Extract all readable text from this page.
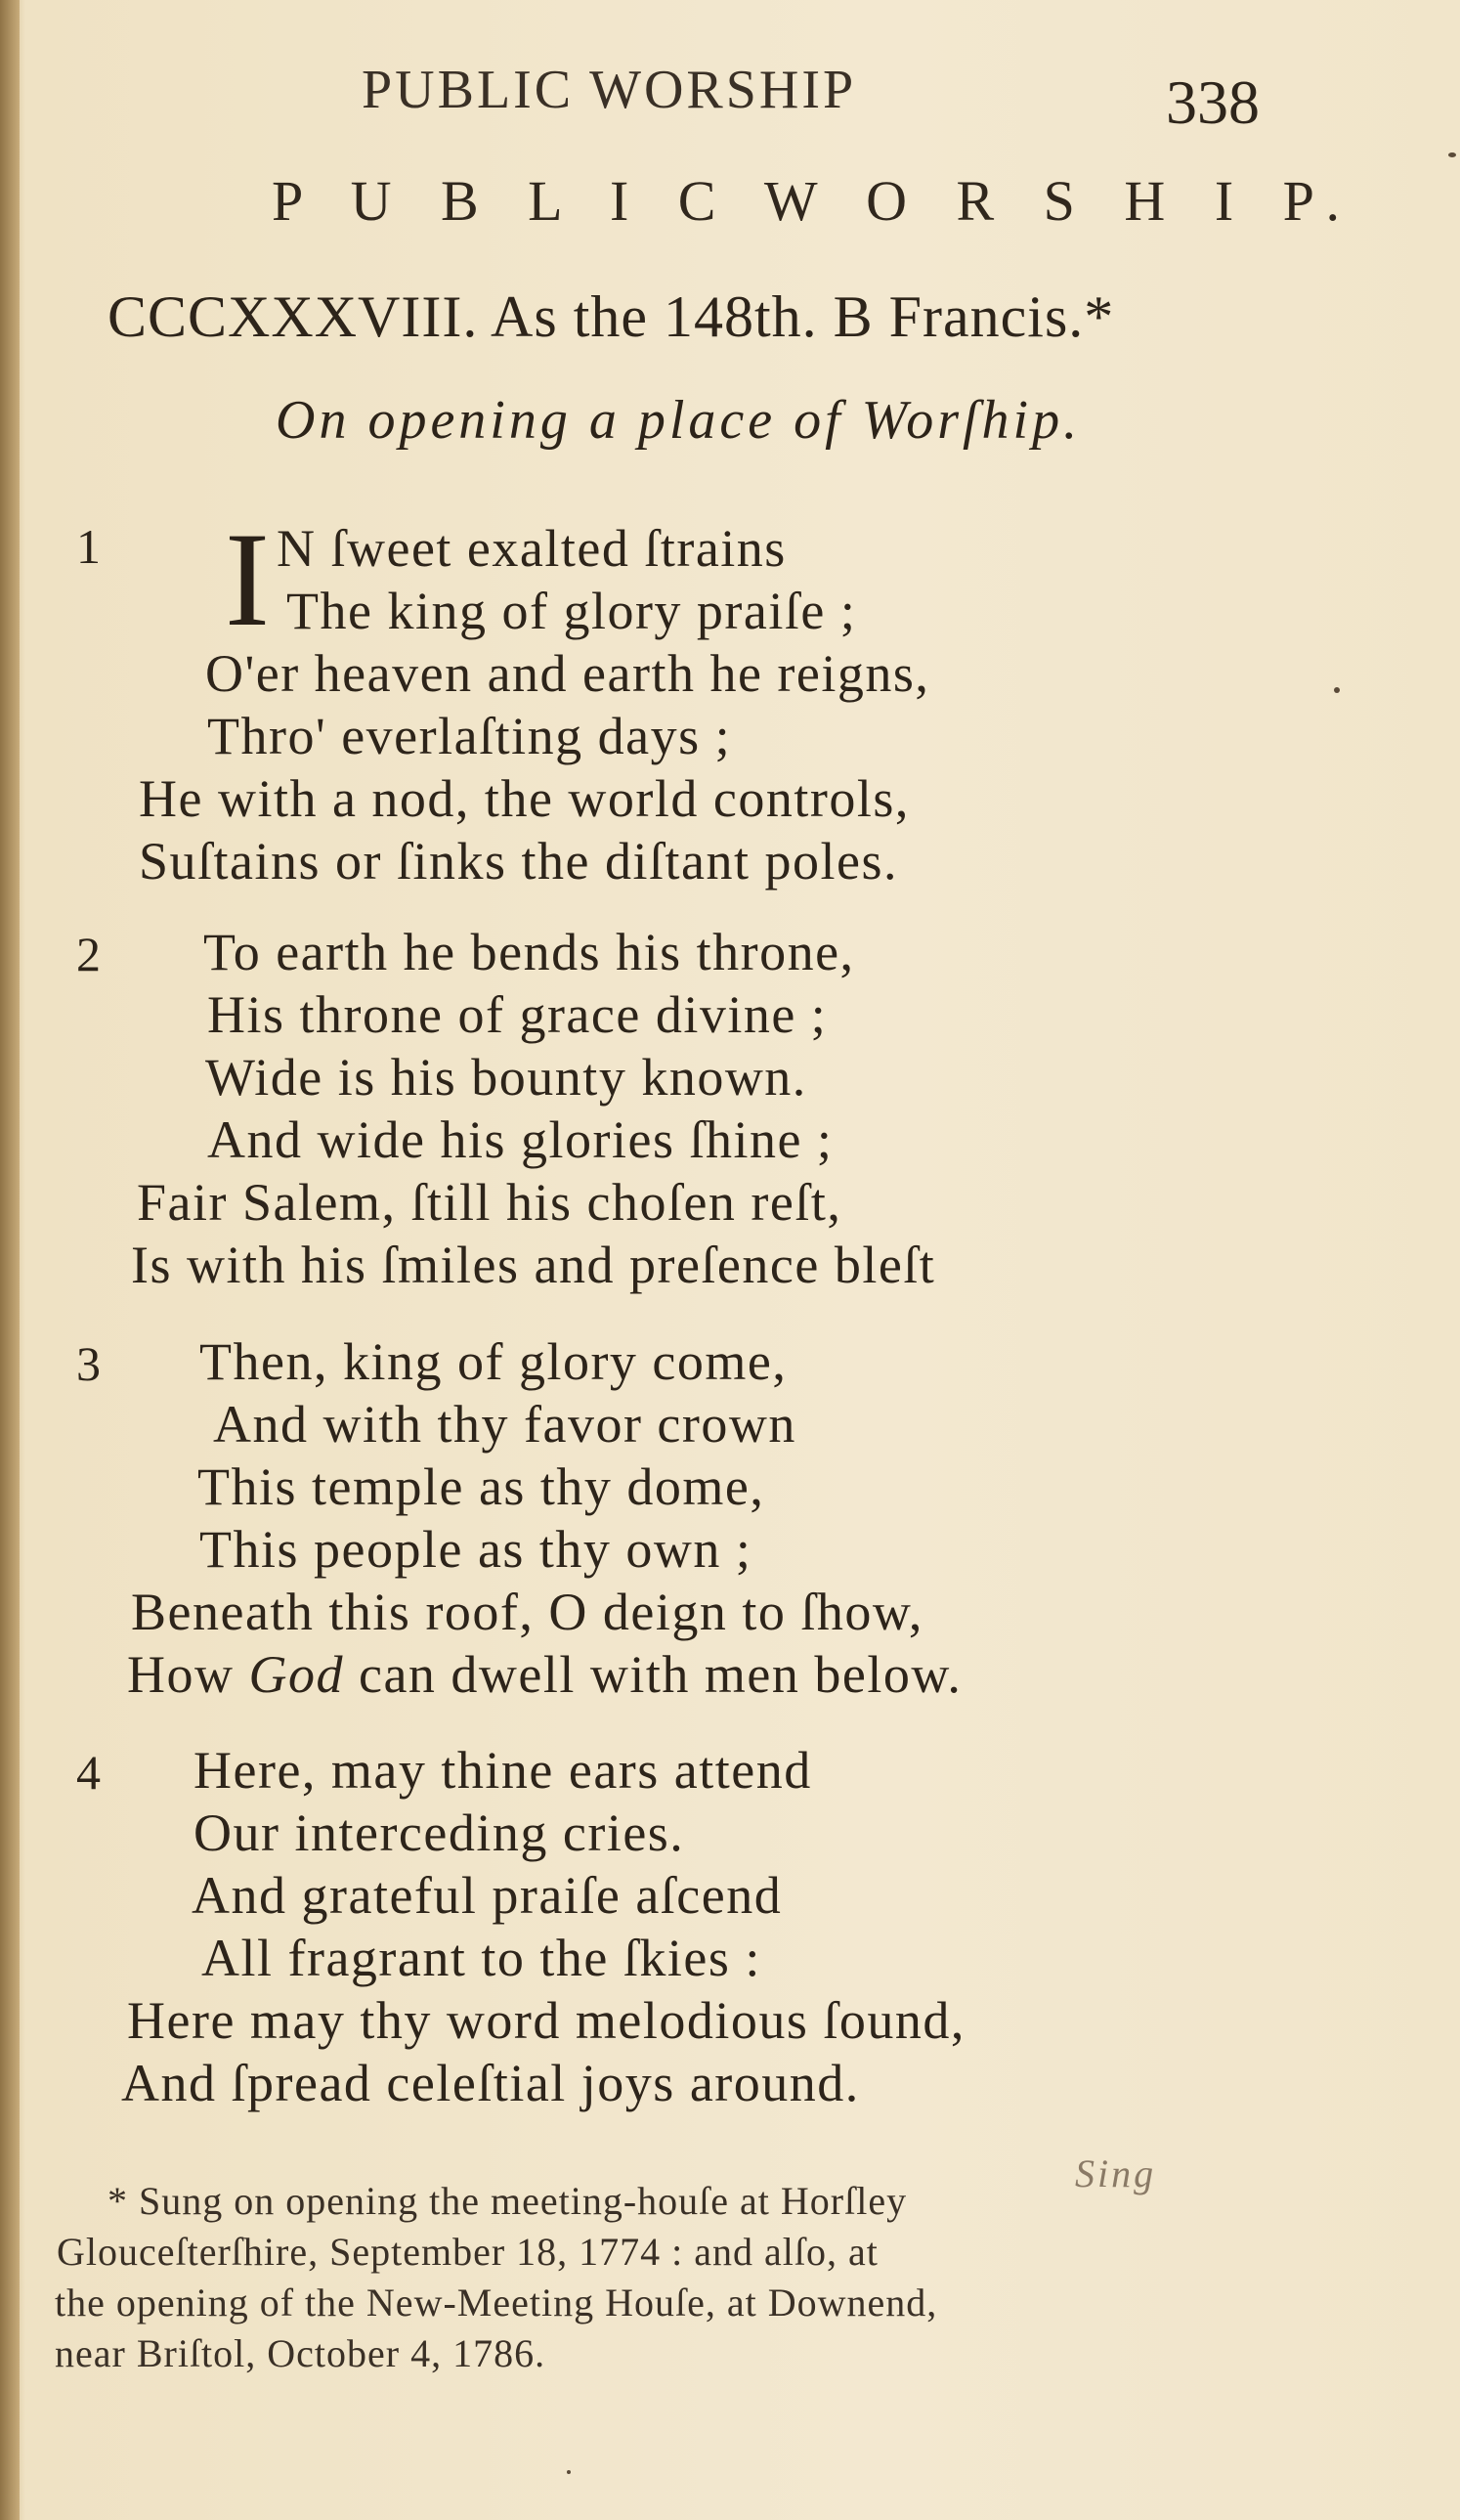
PUBLIC WORSHIP	338
P U B L I C W O R S H I P.
CCCXXXVIII. As the 148th. B Francis.*
On opening a place of Worſhip.
1 I N ſweet exalted ſtrains
The king of glory praiſe ;
O'er heaven and earth he reigns,
Thro' everlaſting days ;
He with a nod, the world controls,
Suſtains or ſinks the diſtant poles.
2 To earth he bends his throne,
His throne of grace divine ;
Wide is his bounty known.
And wide his glories ſhine ;
Fair Salem, ſtill his choſen reſt,
Is with his ſmiles and preſence bleſt
3 Then, king of glory come,
And with thy favor crown
This temple as thy dome,
This people as thy own ;
Beneath this roof, O deign to ſhow,
How God can dwell with men below.
4 Here, may thine ears attend
Our interceding cries.
And grateful praiſe aſcend
All fragrant to the ſkies :
Here may thy word melodious ſound,
And ſpread celeſtial joys around.
Sing
* Sung on opening the meeting-houſe at Horſley
Glouceſterſhire, September 18, 1774 : and alſo, at
the opening of the New-Meeting Houſe, at Downend,
near Briſtol, October 4, 1786.
